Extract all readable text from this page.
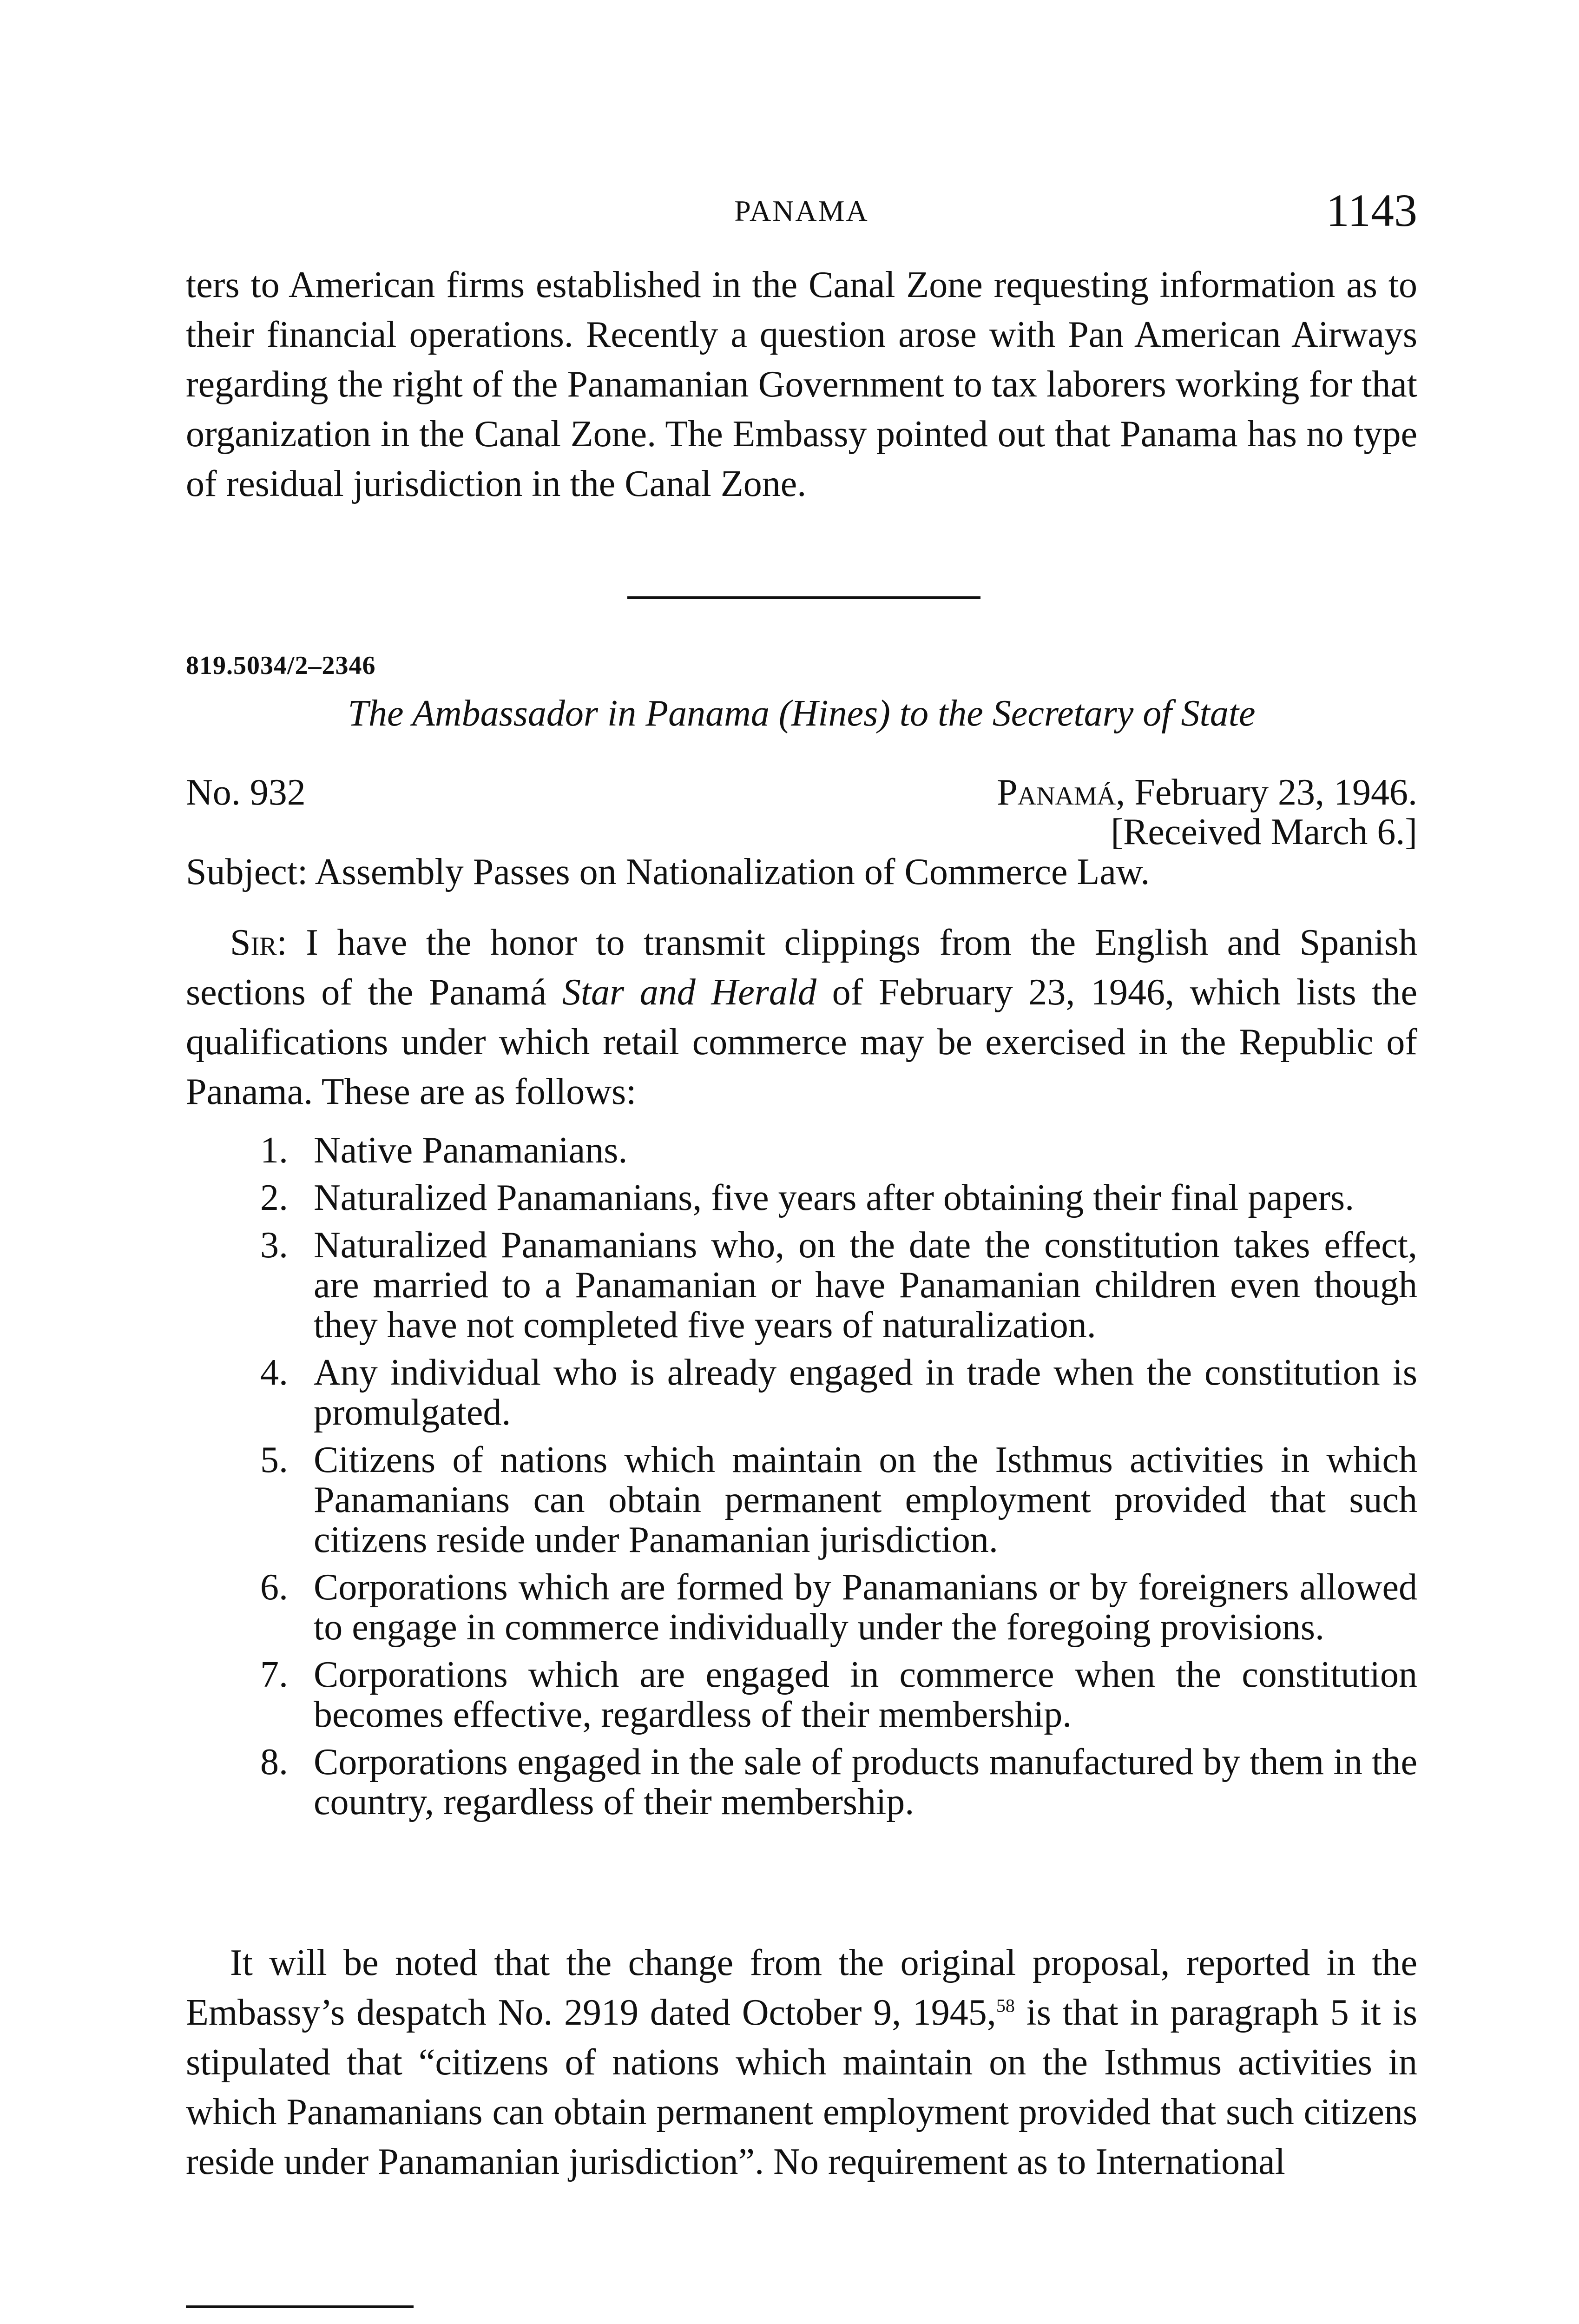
PANAMA	1143

ters to American firms established in the Canal Zone requesting information as to their financial operations. Recently a question arose with Pan American Airways regarding the right of the Panamanian Government to tax laborers working for that organization in the Canal Zone. The Embassy pointed out that Panama has no type of residual jurisdiction in the Canal Zone.

819.5034/2–2346
The Ambassador in Panama (Hines) to the Secretary of State
No. 932	Panamá, February 23, 1946.
[Received March 6.]
Subject: Assembly Passes on Nationalization of Commerce Law.

Sir: I have the honor to transmit clippings from the English and Spanish sections of the Panamá Star and Herald of February 23, 1946, which lists the qualifications under which retail commerce may be exercised in the Republic of Panama. These are as follows:

1. Native Panamanians.
2. Naturalized Panamanians, five years after obtaining their final papers.
3. Naturalized Panamanians who, on the date the constitution takes effect, are married to a Panamanian or have Panamanian children even though they have not completed five years of naturalization.
4. Any individual who is already engaged in trade when the constitution is promulgated.
5. Citizens of nations which maintain on the Isthmus activities in which Panamanians can obtain permanent employment provided that such citizens reside under Panamanian jurisdiction.
6. Corporations which are formed by Panamanians or by foreigners allowed to engage in commerce individually under the foregoing provisions.
7. Corporations which are engaged in commerce when the constitution becomes effective, regardless of their membership.
8. Corporations engaged in the sale of products manufactured by them in the country, regardless of their membership.

It will be noted that the change from the original proposal, reported in the Embassy’s despatch No. 2919 dated October 9, 1945,58 is that in paragraph 5 it is stipulated that “citizens of nations which maintain on the Isthmus activities in which Panamanians can obtain permanent employment provided that such citizens reside under Panamanian jurisdiction”. No requirement as to International
